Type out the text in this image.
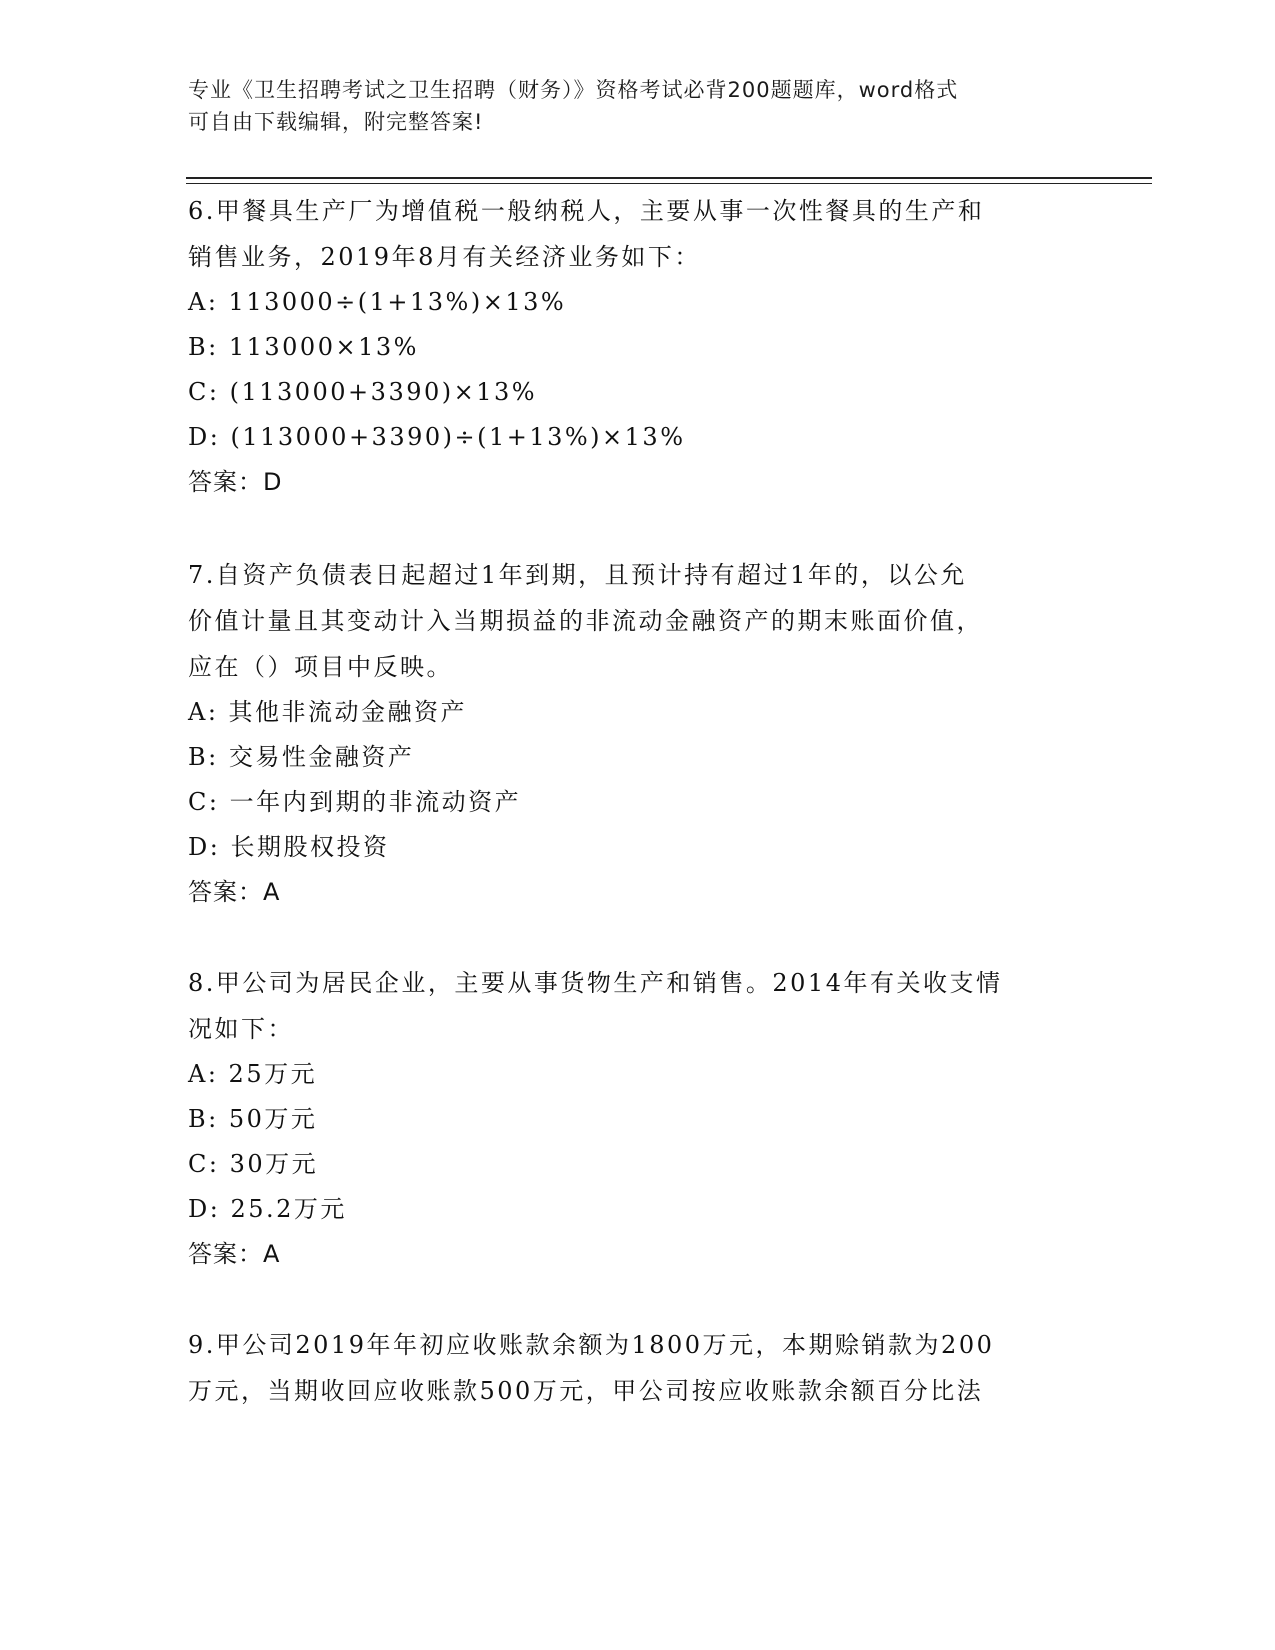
专业《卫生招聘考试之卫生招聘（财务）》资格考试必背200题题库，word格式
可自由下载编辑，附完整答案!

6.甲餐具生产厂为增值税一般纳税人，主要从事一次性餐具的生产和

销售业务，2019年8月有关经济业务如下：

A: 113000÷(1+13%)×13%

B: 113000×13%

C: (113000+3390)×13%

D: (113000+3390)÷(1+13%)×13%

答案：D

7.自资产负债表日起超过1年到期，且预计持有超过1年的，以公允

价值计量且其变动计入当期损益的非流动金融资产的期末账面价值，

应在（）项目中反映。

A: 其他非流动金融资产

B: 交易性金融资产

C: 一年内到期的非流动资产

D: 长期股权投资

答案：A

8.甲公司为居民企业，主要从事货物生产和销售。2014年有关收支情

况如下：

A: 25万元

B: 50万元

C: 30万元

D: 25.2万元

答案：A

9.甲公司2019年年初应收账款余额为1800万元，本期赊销款为200

万元，当期收回应收账款500万元，甲公司按应收账款余额百分比法
